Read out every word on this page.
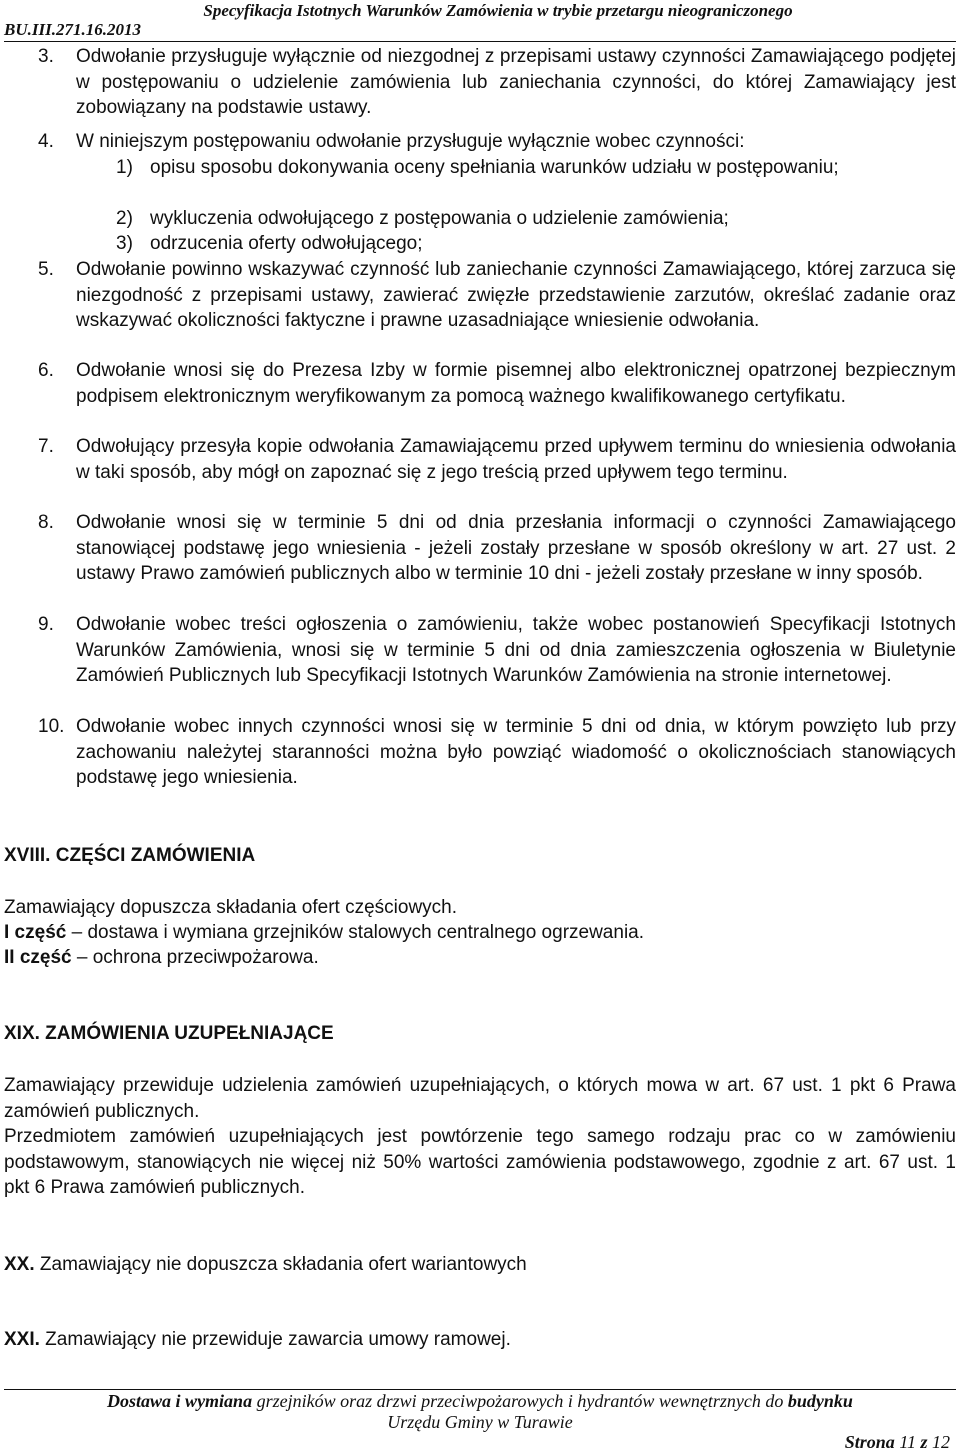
Specyfikacja Istotnych Warunków Zamówienia w trybie przetargu nieograniczonego
BU.III.271.16.2013
3.	Odwołanie przysługuje wyłącznie od niezgodnej z przepisami ustawy czynności Zamawiającego podjętej w postępowaniu o udzielenie zamówienia lub zaniechania czynności, do której Zamawiający jest zobowiązany na podstawie ustawy.
4.	W niniejszym postępowaniu odwołanie przysługuje wyłącznie wobec czynności:
1) opisu sposobu dokonywania oceny spełniania warunków udziału w postępowaniu;
2) wykluczenia odwołującego z postępowania o udzielenie zamówienia;
3) odrzucenia oferty odwołującego;
5.	Odwołanie powinno wskazywać czynność lub zaniechanie czynności Zamawiającego, której zarzuca się niezgodność z przepisami ustawy, zawierać zwięzłe przedstawienie zarzutów, określać zadanie oraz wskazywać okoliczności faktyczne i prawne uzasadniające wniesienie odwołania.
6.	Odwołanie wnosi się do Prezesa Izby w formie pisemnej albo elektronicznej opatrzonej bezpiecznym podpisem elektronicznym weryfikowanym za pomocą ważnego kwalifikowanego certyfikatu.
7.	Odwołujący przesyła kopie odwołania Zamawiającemu przed upływem terminu do wniesienia odwołania w taki sposób, aby mógł on zapoznać się z jego treścią przed upływem tego terminu.
8.	Odwołanie wnosi się w terminie 5 dni od dnia przesłania informacji o czynności Zamawiającego stanowiącej podstawę jego wniesienia - jeżeli zostały przesłane w sposób określony w art. 27 ust. 2 ustawy Prawo zamówień publicznych albo w terminie 10 dni - jeżeli zostały przesłane w inny sposób.
9.	Odwołanie wobec treści ogłoszenia o zamówieniu, także wobec postanowień Specyfikacji Istotnych Warunków Zamówienia, wnosi się w terminie 5 dni od dnia zamieszczenia ogłoszenia w Biuletynie Zamówień Publicznych lub Specyfikacji Istotnych Warunków Zamówienia na stronie internetowej.
10. Odwołanie wobec innych czynności wnosi się w terminie 5 dni od dnia, w którym powzięto lub przy zachowaniu należytej staranności można było powziąć wiadomość o okolicznościach stanowiących podstawę jego wniesienia.
XVIII. CZĘŚCI ZAMÓWIENIA
Zamawiający dopuszcza składania ofert częściowych.
I część – dostawa i wymiana grzejników stalowych centralnego ogrzewania.
II część – ochrona przeciwpożarowa.
XIX. ZAMÓWIENIA UZUPEŁNIAJĄCE
Zamawiający przewiduje udzielenia zamówień uzupełniających, o których mowa w art. 67 ust. 1 pkt 6 Prawa zamówień publicznych.
Przedmiotem zamówień uzupełniających jest powtórzenie tego samego rodzaju prac co w zamówieniu podstawowym, stanowiących nie więcej niż 50% wartości zamówienia podstawowego, zgodnie z art. 67 ust. 1 pkt 6 Prawa zamówień publicznych.
XX. Zamawiający nie dopuszcza składania ofert wariantowych
XXI. Zamawiający nie przewiduje zawarcia umowy ramowej.
Dostawa i wymiana grzejników oraz drzwi przeciwpożarowych i hydrantów wewnętrznych do budynku
Urzędu Gminy w Turawie
Strona 11 z 12
